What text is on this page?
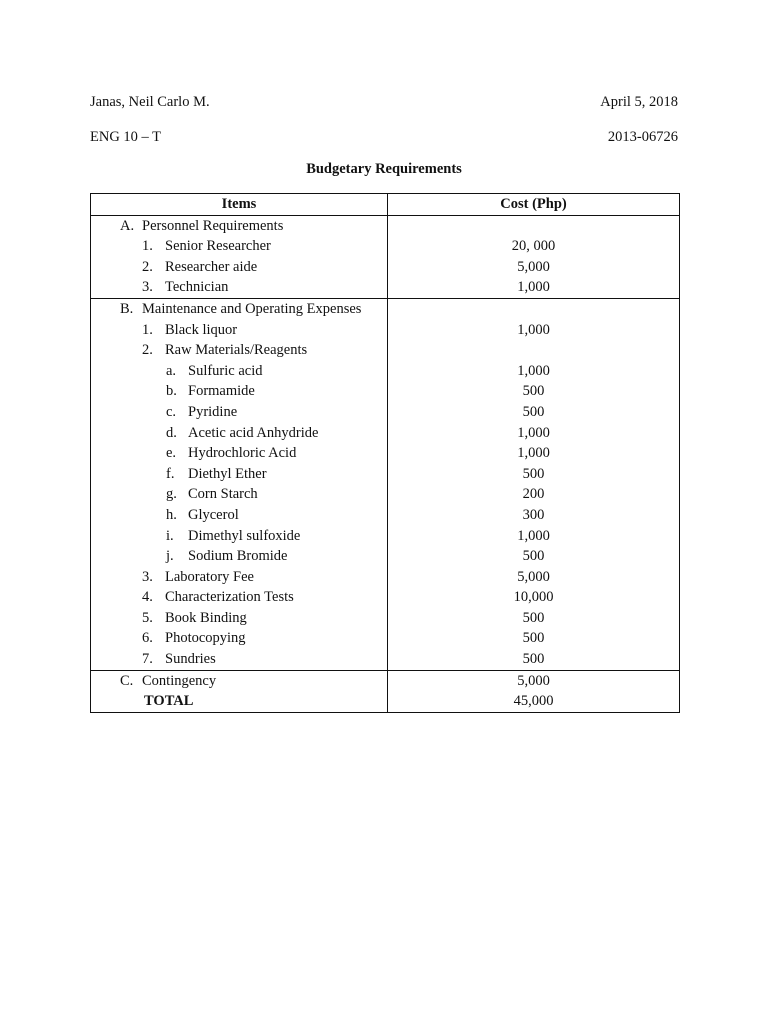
Janas, Neil Carlo M.	April 5, 2018
ENG 10 – T	2013-06726
Budgetary Requirements
Items	Cost (Php)
A. Personnel Requirements	
1. Senior Researcher	20, 000
2. Researcher aide	5,000
3. Technician	1,000
B. Maintenance and Operating Expenses	
1. Black liquor	1,000
2. Raw Materials/Reagents	
a. Sulfuric acid	1,000
b. Formamide	500
c. Pyridine	500
d. Acetic acid Anhydride	1,000
e. Hydrochloric Acid	1,000
f. Diethyl Ether	500
g. Corn Starch	200
h. Glycerol	300
i. Dimethyl sulfoxide	1,000
j. Sodium Bromide	500
3. Laboratory Fee	5,000
4. Characterization Tests	10,000
5. Book Binding	500
6. Photocopying	500
7. Sundries	500
C. Contingency	5,000
TOTAL	45,000
